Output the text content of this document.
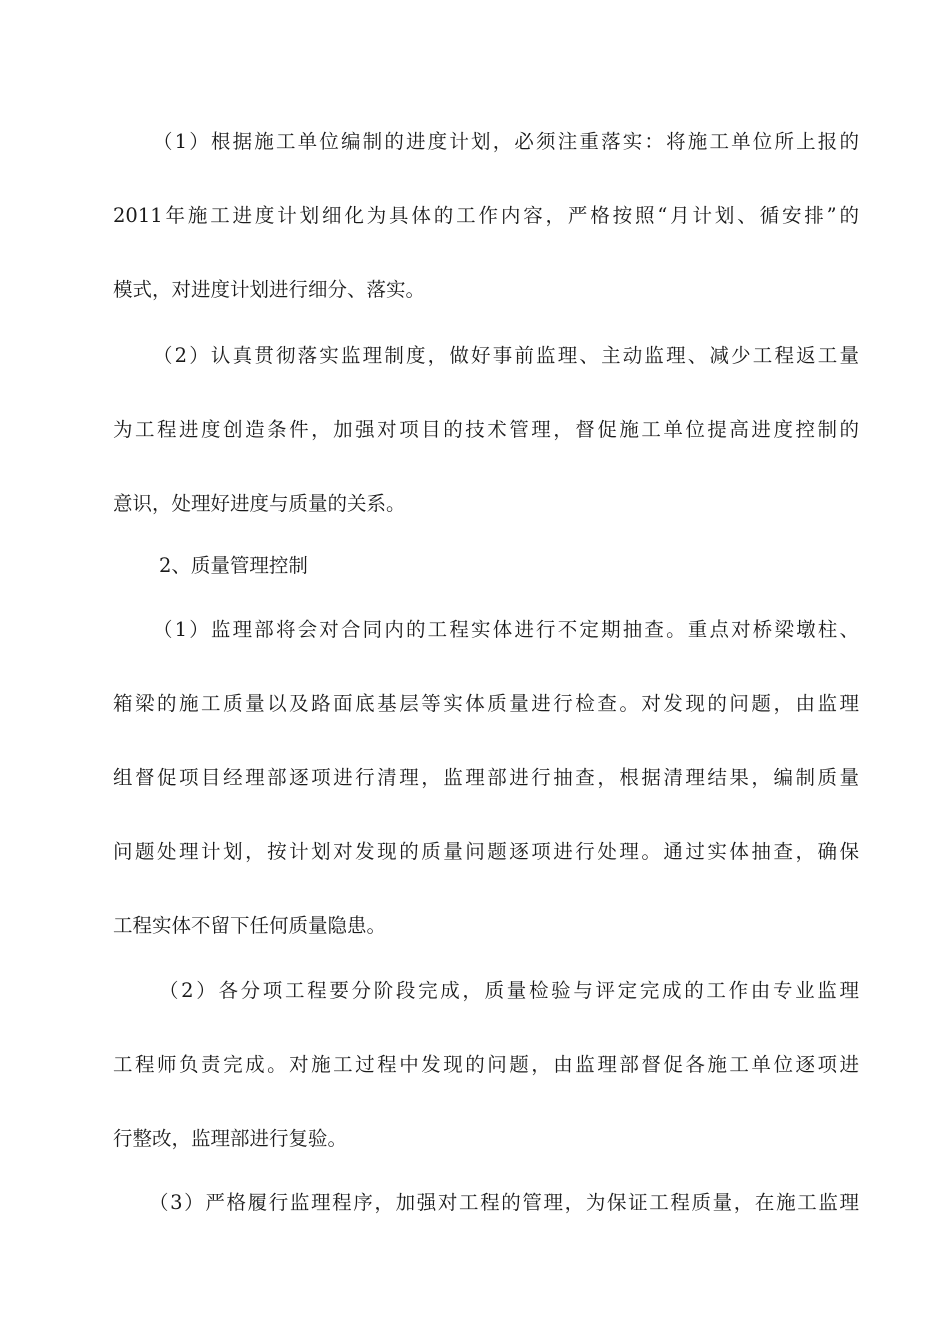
（1）根据施工单位编制的进度计划，必须注重落实：将施工单位所上报的
2011年施工进度计划细化为具体的工作内容，严格按照“月计划、循安排”的
模式，对进度计划进行细分、落实。
（2）认真贯彻落实监理制度，做好事前监理、主动监理、减少工程返工量
为工程进度创造条件，加强对项目的技术管理，督促施工单位提高进度控制的
意识，处理好进度与质量的关系。
2、质量管理控制
（1）监理部将会对合同内的工程实体进行不定期抽查。重点对桥梁墩柱、
箱梁的施工质量以及路面底基层等实体质量进行检查。对发现的问题，由监理
组督促项目经理部逐项进行清理，监理部进行抽查，根据清理结果，编制质量
问题处理计划，按计划对发现的质量问题逐项进行处理。通过实体抽查，确保
工程实体不留下任何质量隐患。
（2）各分项工程要分阶段完成，质量检验与评定完成的工作由专业监理
工程师负责完成。对施工过程中发现的问题，由监理部督促各施工单位逐项进
行整改，监理部进行复验。
（3）严格履行监理程序，加强对工程的管理，为保证工程质量，在施工监理
